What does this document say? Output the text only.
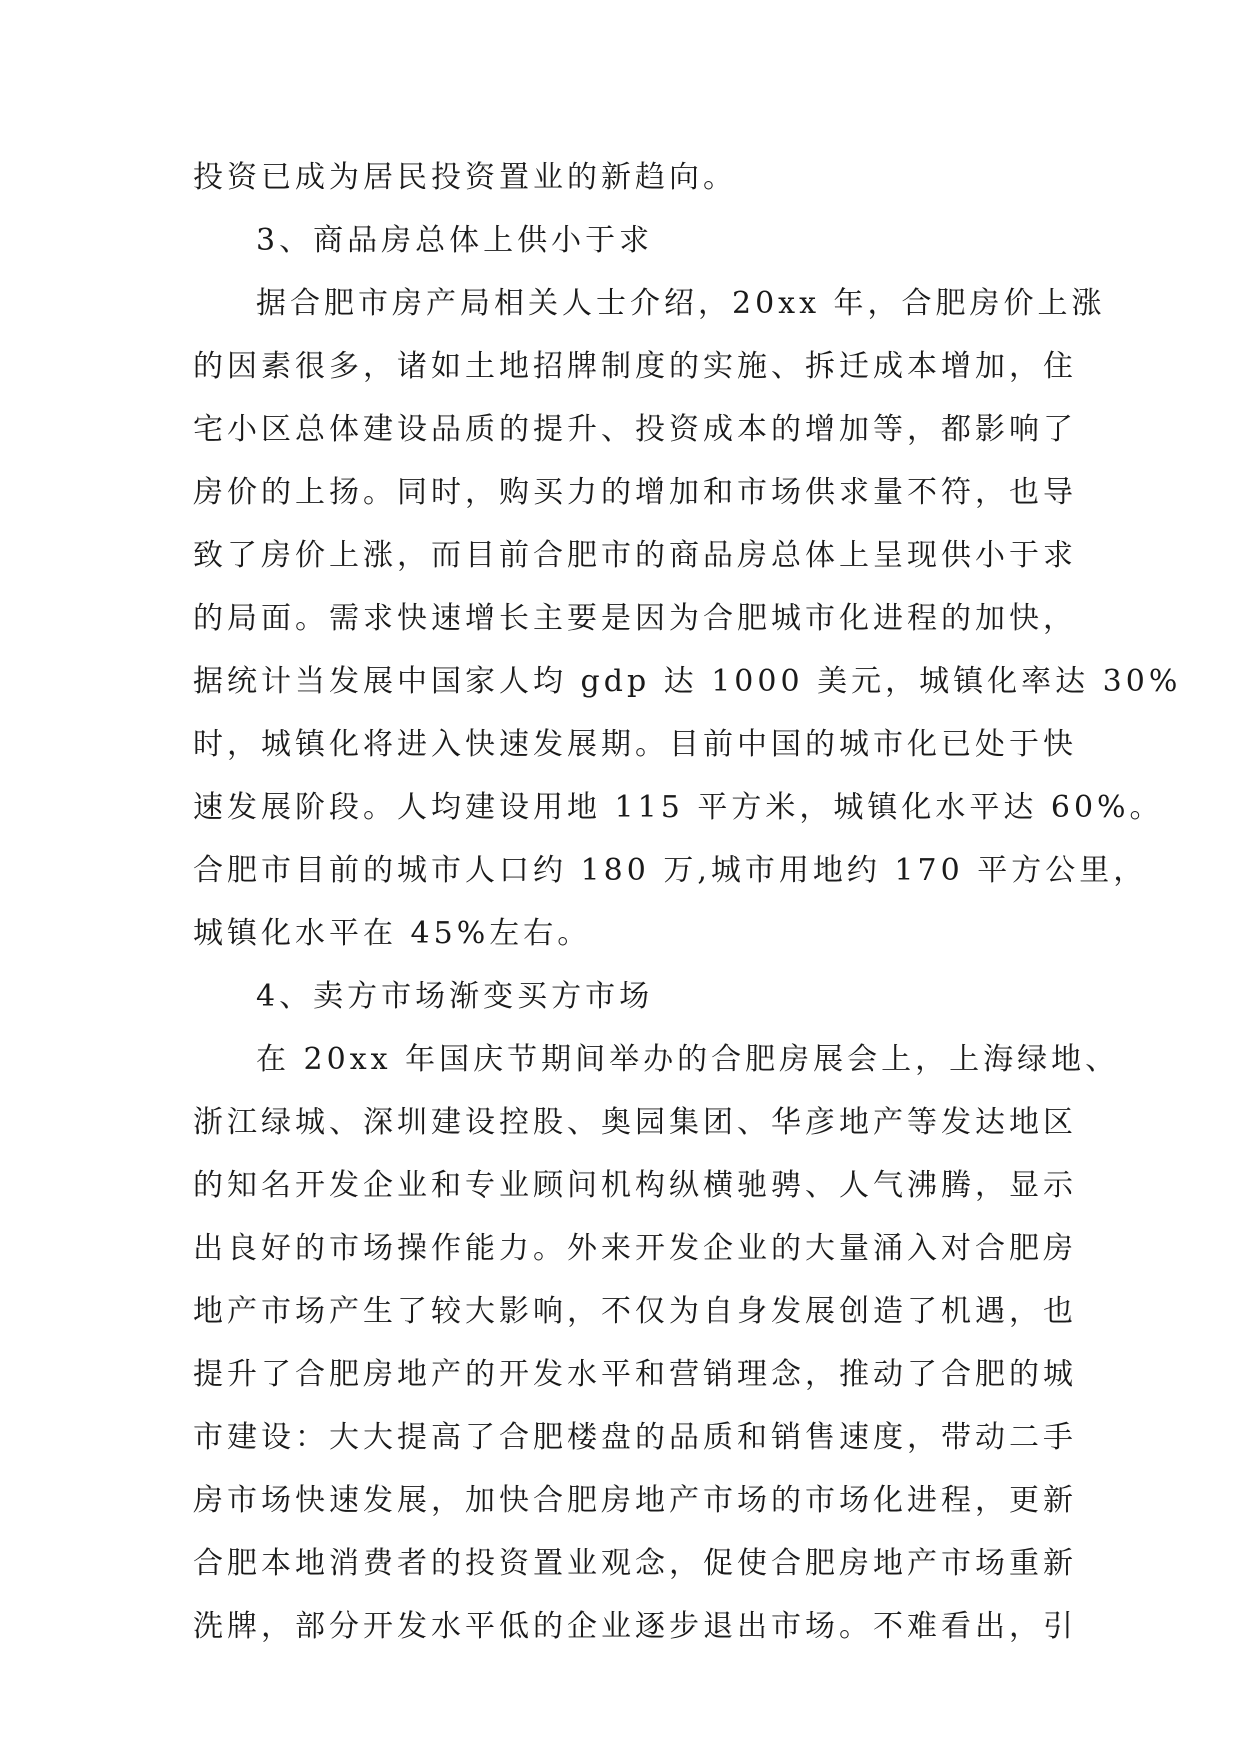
投资已成为居民投资置业的新趋向。
3、商品房总体上供小于求
据合肥市房产局相关人士介绍，20xx 年，合肥房价上涨
的因素很多，诸如土地招牌制度的实施、拆迁成本增加，住
宅小区总体建设品质的提升、投资成本的增加等，都影响了
房价的上扬。同时，购买力的增加和市场供求量不符，也导
致了房价上涨，而目前合肥市的商品房总体上呈现供小于求
的局面。需求快速增长主要是因为合肥城市化进程的加快，
据统计当发展中国家人均 gdp 达 1000 美元，城镇化率达 30%
时，城镇化将进入快速发展期。目前中国的城市化已处于快
速发展阶段。人均建设用地 115 平方米，城镇化水平达 60%。
合肥市目前的城市人口约 180 万,城市用地约 170 平方公里，
城镇化水平在 45%左右。
4、卖方市场渐变买方市场
在 20xx 年国庆节期间举办的合肥房展会上，上海绿地、
浙江绿城、深圳建设控股、奥园集团、华彦地产等发达地区
的知名开发企业和专业顾问机构纵横驰骋、人气沸腾，显示
出良好的市场操作能力。外来开发企业的大量涌入对合肥房
地产市场产生了较大影响，不仅为自身发展创造了机遇，也
提升了合肥房地产的开发水平和营销理念，推动了合肥的城
市建设：大大提高了合肥楼盘的品质和销售速度，带动二手
房市场快速发展，加快合肥房地产市场的市场化进程，更新
合肥本地消费者的投资置业观念，促使合肥房地产市场重新
洗牌，部分开发水平低的企业逐步退出市场。不难看出，引
